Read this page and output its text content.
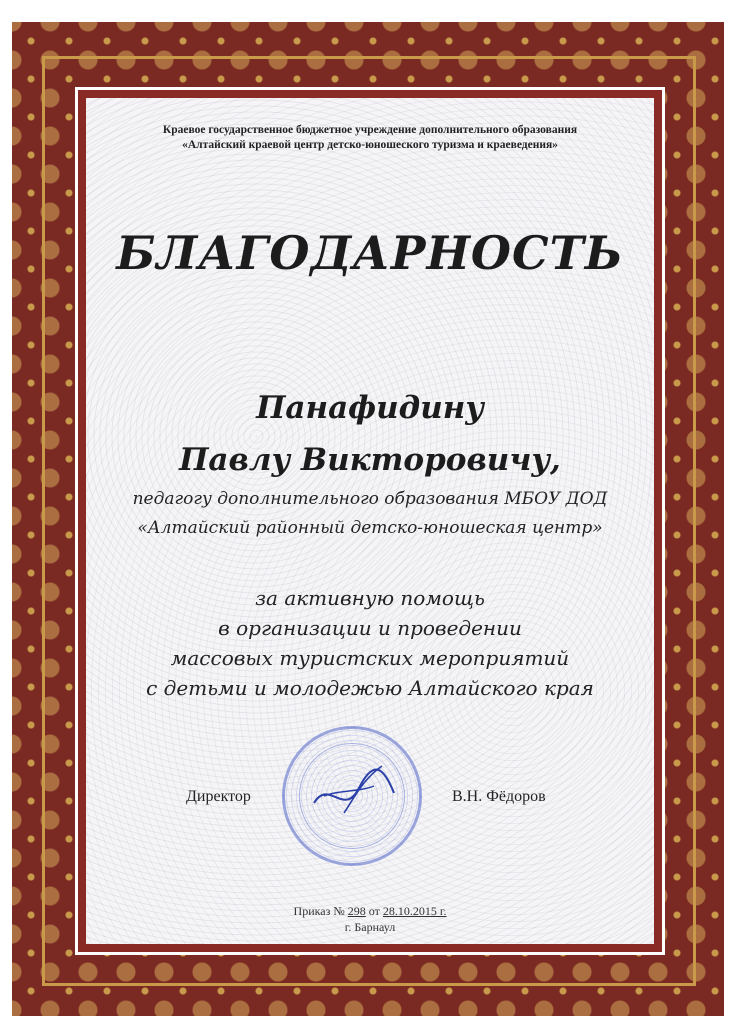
Краевое государственное бюджетное учреждение дополнительного образования
«Алтайский краевой центр детско-юношеского туризма и краеведения»
БЛАГОДАРНОСТЬ
Панафидину
Павлу Викторовичу,
педагогу дополнительного образования МБОУ ДОД
«Алтайский районный детско-юношеская центр»
за активную помощь
в организации и проведении
массовых туристских мероприятий
с детьми и молодежью Алтайского края
Директор	В.Н. Фёдоров
Приказ № 298 от 28.10.2015 г.
г. Барнаул
